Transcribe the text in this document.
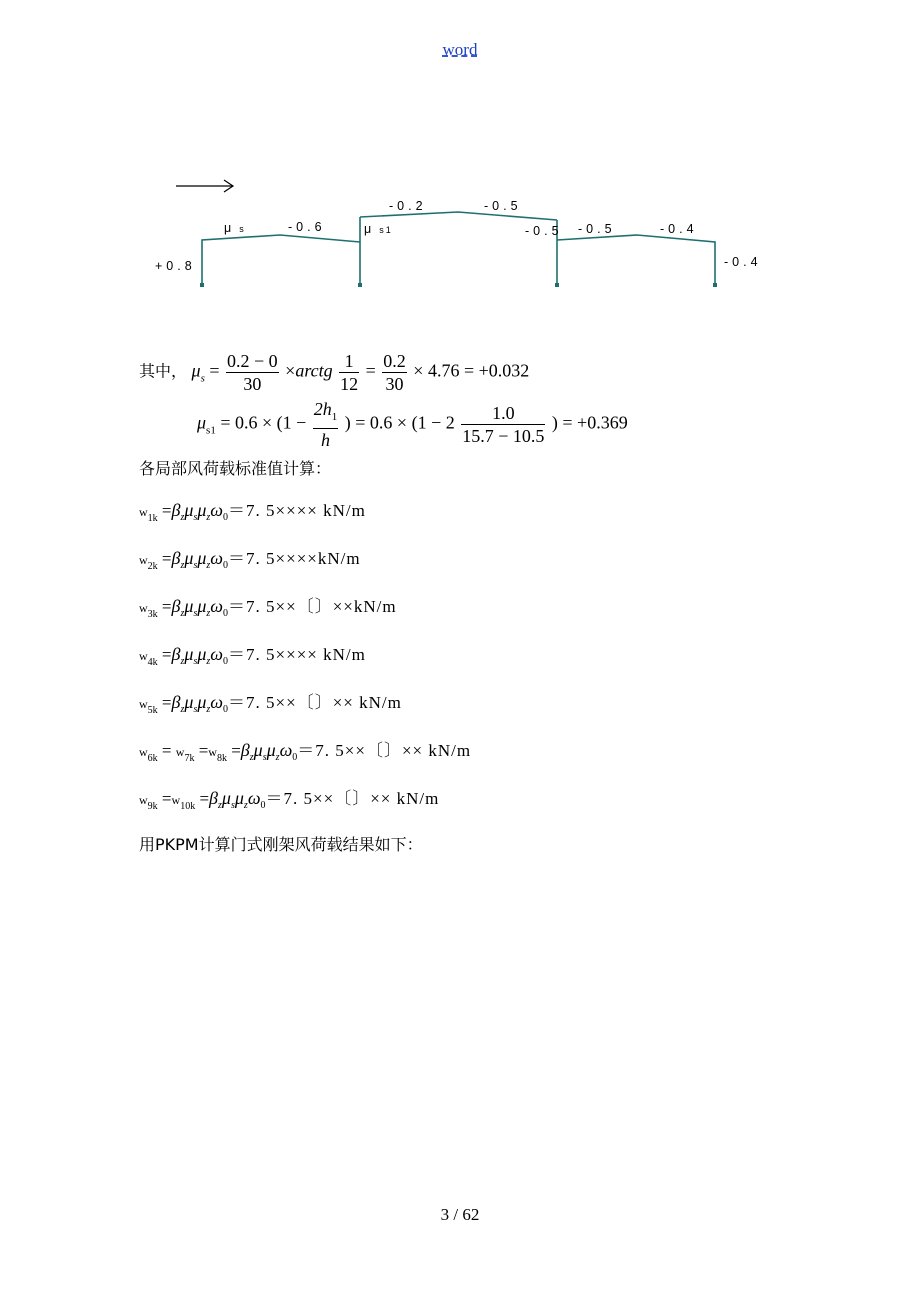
word
+0.8
μ s	-0.6	μ s1
-0.2	-0.5
-0.5 -0.5	-0.4
-0.4
其中， $\mu_s = \frac{0.2 - 0}{30}$ ×arctg $\frac{1}{12} = \frac{0.2}{30} \times 4.76 = +0.032$
$\mu_{s1} = 0.6 \times (1 - \frac{2h_1}{h}$ ) = $0.6 \times (1 - 2 \frac{1.0}{15.7 - 10.5}$ ) = +0.369
各局部风荷载标准值计算：
$w_{1k} =\beta_z\mu_s\mu_z\omega_0=7$. 5×××× kN/m
$w_{2k} =\beta_z\mu_s\mu_z\omega_0=7$. 5××××kN/m
$w_{3k} =\beta_z\mu_s\mu_z\omega_0=7$. 5××〔〕××kN/m
$w_{4k} =\beta_z\mu_s\mu_z\omega_0=7$. 5×××× kN/m
$w_{5k} =\beta_z\mu_s\mu_z\omega_0=7$. 5××〔〕×× kN/m
$w_{6k} = w_{7k} =w_{8k} =\beta_z\mu_s\mu_z\omega_0=7$. 5××〔〕×× kN/m
$w_{9k} =w_{10k} =\beta_z\mu_s\mu_z\omega_0=7$. 5××〔〕×× kN/m
用PKPM计算门式刚架风荷载结果如下：
3 / 62
